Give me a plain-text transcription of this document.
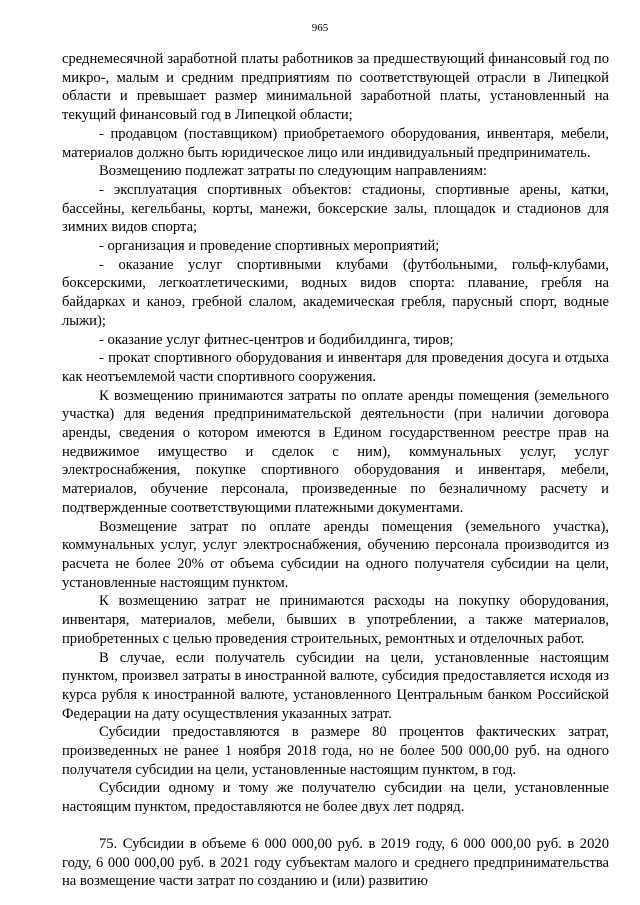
965

среднемесячной заработной платы работников за предшествующий финансовый год по микро-, малым и средним предприятиям по соответствующей отрасли в Липецкой области и превышает размер минимальной заработной платы, установленный на текущий финансовый год в Липецкой области;

- продавцом (поставщиком) приобретаемого оборудования, инвентаря, мебели, материалов должно быть юридическое лицо или индивидуальный предприниматель.

Возмещению подлежат затраты по следующим направлениям:

- эксплуатация спортивных объектов: стадионы, спортивные арены, катки, бассейны, кегельбаны, корты, манежи, боксерские залы, площадок и стадионов для зимних видов спорта;

- организация и проведение спортивных мероприятий;

- оказание услуг спортивными клубами (футбольными, гольф-клубами, боксерскими, легкоатлетическими, водных видов спорта: плавание, гребля на байдарках и каноэ, гребной слалом, академическая гребля, парусный спорт, водные лыжи);

- оказание услуг фитнес-центров и бодибилдинга, тиров;

- прокат спортивного оборудования и инвентаря для проведения досуга и отдыха как неотъемлемой части спортивного сооружения.

К возмещению принимаются затраты по оплате аренды помещения (земельного участка) для ведения предпринимательской деятельности (при наличии договора аренды, сведения о котором имеются в Едином государственном реестре прав на недвижимое имущество и сделок с ним), коммунальных услуг, услуг электроснабжения, покупке спортивного оборудования и инвентаря, мебели, материалов, обучение персонала, произведенные по безналичному расчету и подтвержденные соответствующими платежными документами.

Возмещение затрат по оплате аренды помещения (земельного участка), коммунальных услуг, услуг электроснабжения, обучению персонала производится из расчета не более 20% от объема субсидии на одного получателя субсидии на цели, установленные настоящим пунктом.

К возмещению затрат не принимаются расходы на покупку оборудования, инвентаря, материалов, мебели, бывших в употреблении, а также материалов, приобретенных с целью проведения строительных, ремонтных и отделочных работ.

В случае, если получатель субсидии на цели, установленные настоящим пунктом, произвел затраты в иностранной валюте, субсидия предоставляется исходя из курса рубля к иностранной валюте, установленного Центральным банком Российской Федерации на дату осуществления указанных затрат.

Субсидии предоставляются в размере 80 процентов фактических затрат, произведенных не ранее 1 ноября 2018 года, но не более 500 000,00 руб. на одного получателя субсидии на цели, установленные настоящим пунктом, в год.

Субсидии одному и тому же получателю субсидии на цели, установленные настоящим пунктом, предоставляются не более двух лет подряд.

75. Субсидии в объеме 6 000 000,00 руб. в 2019 году, 6 000 000,00 руб. в 2020 году, 6 000 000,00 руб. в 2021 году субъектам малого и среднего предпринимательства на возмещение части затрат по созданию и (или) развитию
